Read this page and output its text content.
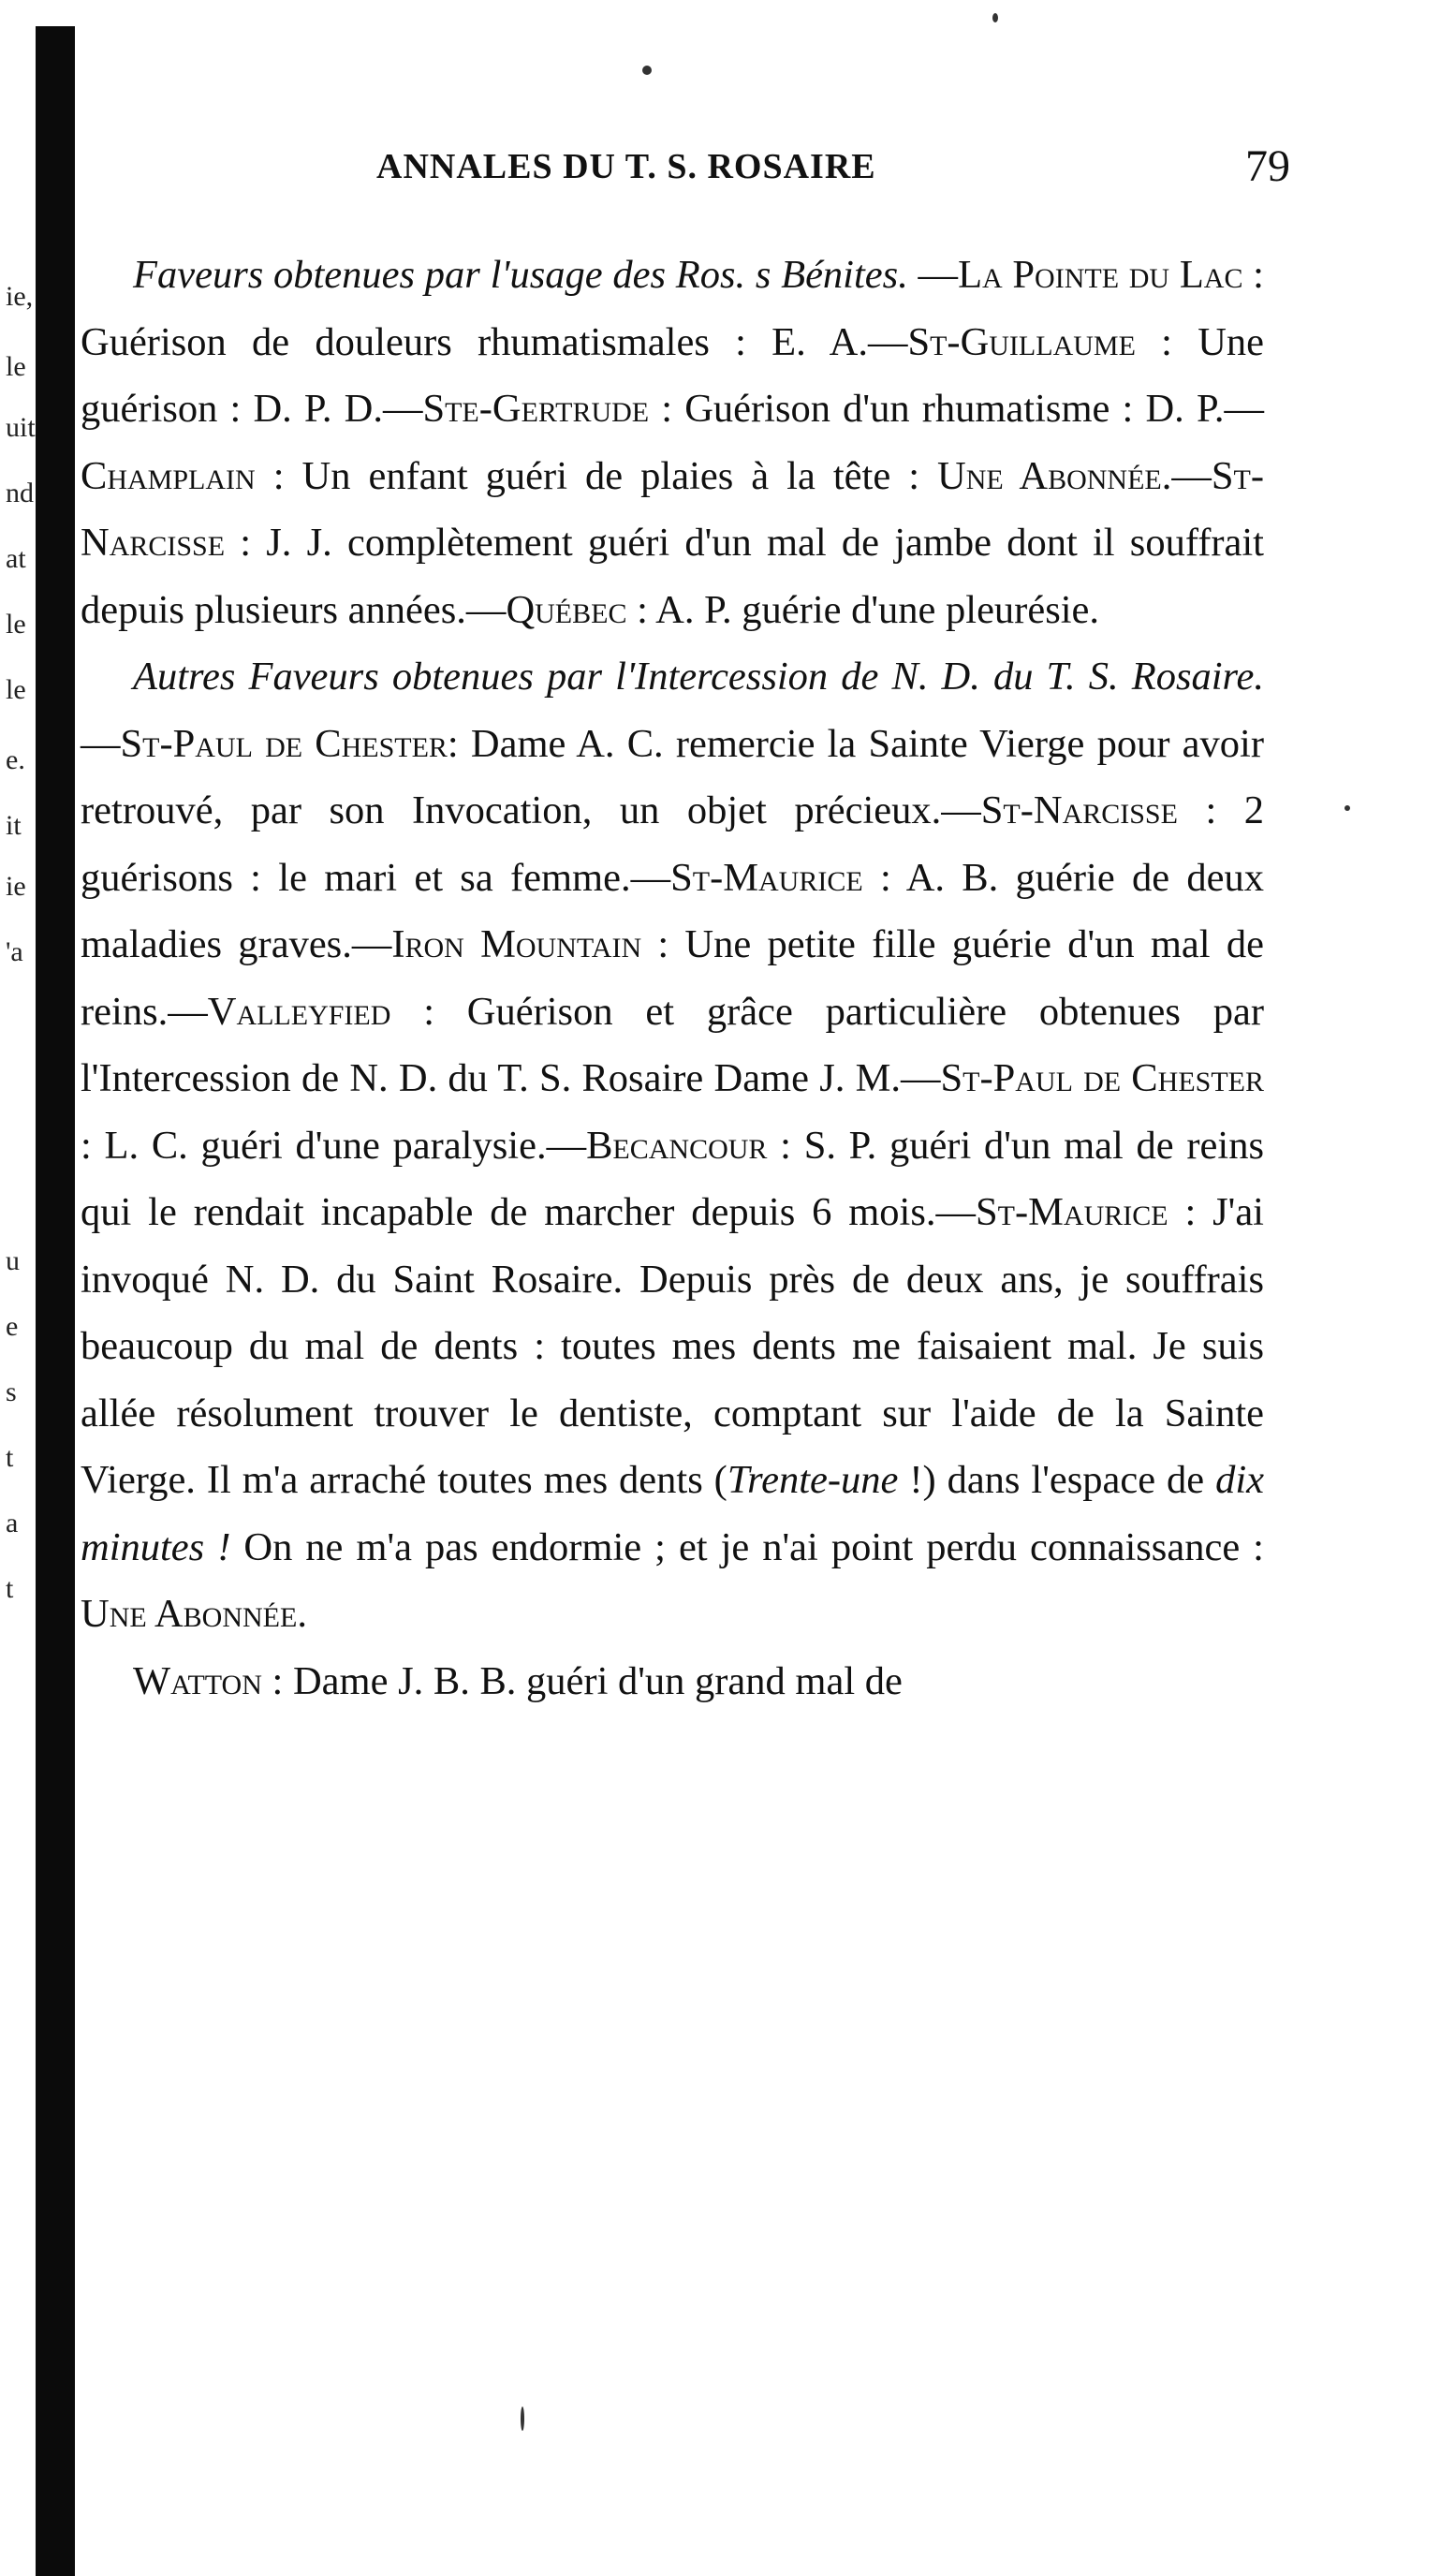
ie,
le
uit
nd
at
le
le
e.
it
ie
'a
u
e
s
t
a
t
ANNALES DU T. S. ROSAIRE	79

Faveurs obtenues par l'usage des Ros. s Bénites. —La Pointe du Lac : Guérison de douleurs rhumatismales : E. A.—St-Guillaume : Une guérison : D. P. D.—Ste-Gertrude : Guérison d'un rhumatisme : D. P.—Champlain : Un enfant guéri de plaies à la tête : Une Abonnée.—St-Narcisse : J. J. complètement guéri d'un mal de jambe dont il souffrait depuis plusieurs années.—Québec : A. P. guérie d'une pleurésie.

Autres Faveurs obtenues par l'Intercession de N. D. du T. S. Rosaire.—St-Paul de Chester: Dame A. C. remercie la Sainte Vierge pour avoir retrouvé, par son Invocation, un objet précieux.—St-Narcisse : 2 guérisons : le mari et sa femme.—St-Maurice : A. B. guérie de deux maladies graves.—Iron Mountain : Une petite fille guérie d'un mal de reins.—Valleyfied : Guérison et grâce particulière obtenues par l'Intercession de N. D. du T. S. Rosaire Dame J. M.—St-Paul de Chester : L. C. guéri d'une paralysie.—Becancour : S. P. guéri d'un mal de reins qui le rendait incapable de marcher depuis 6 mois.—St-Maurice : J'ai invoqué N. D. du Saint Rosaire. Depuis près de deux ans, je souffrais beaucoup du mal de dents : toutes mes dents me faisaient mal. Je suis allée résolument trouver le dentiste, comptant sur l'aide de la Sainte Vierge. Il m'a arraché toutes mes dents (Trente-une !) dans l'espace de dix minutes ! On ne m'a pas endormie ; et je n'ai point perdu connaissance : Une Abonnée.

Watton : Dame J. B. B. guéri d'un grand mal de
